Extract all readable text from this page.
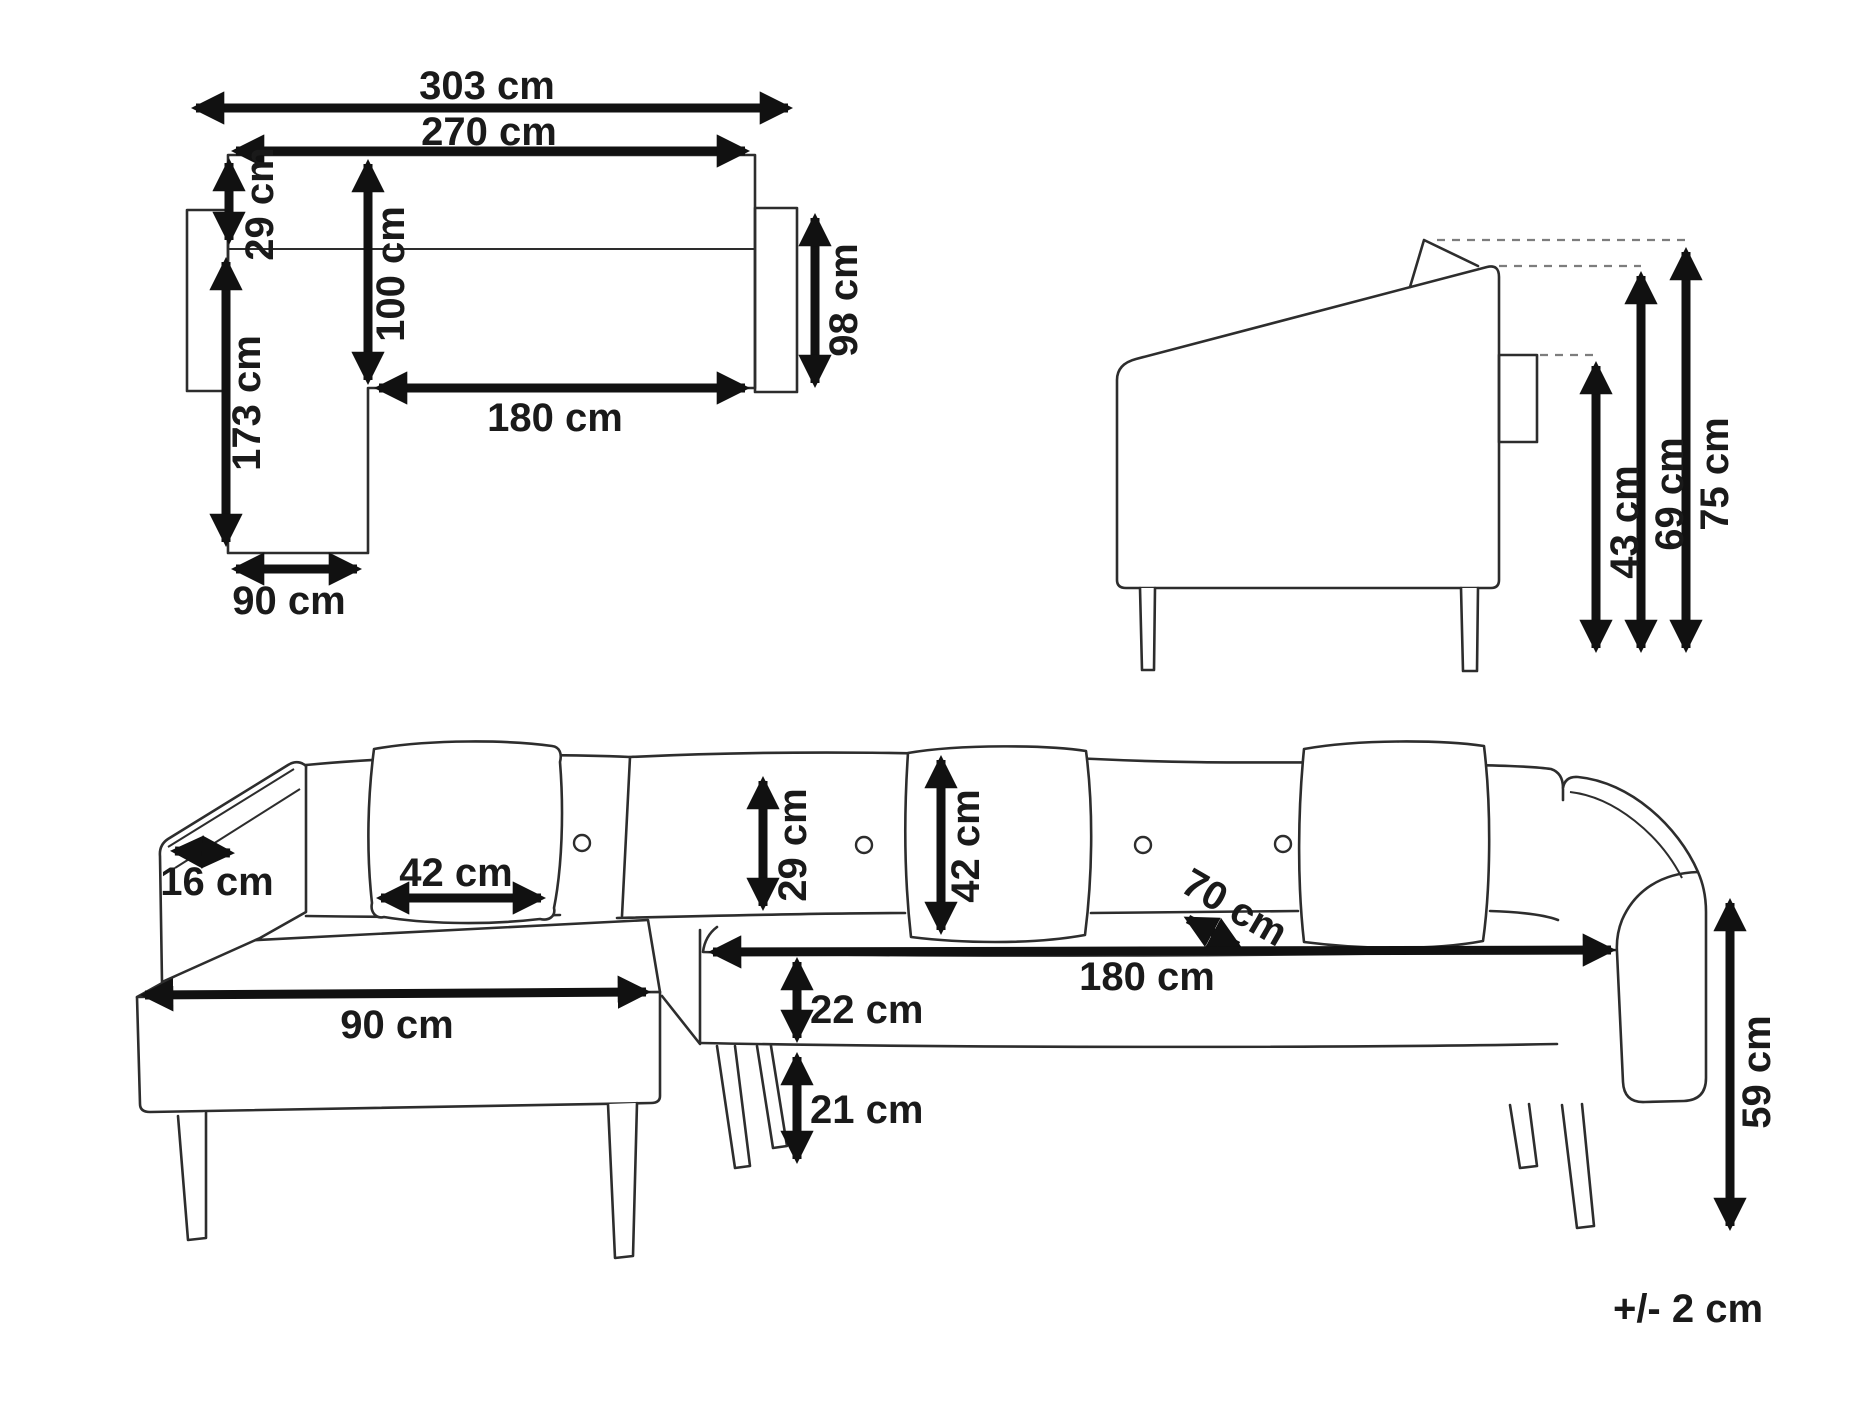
303 cm
270 cm
29 cm
173 cm
100 cm
180 cm
98 cm
90 cm
43 cm 69 cm 75 cm
16 cm	42 cm
90 cm
29 cm	42 cm
70 cm
180 cm
22 cm
21 cm	59 cm
+/- 2 cm
